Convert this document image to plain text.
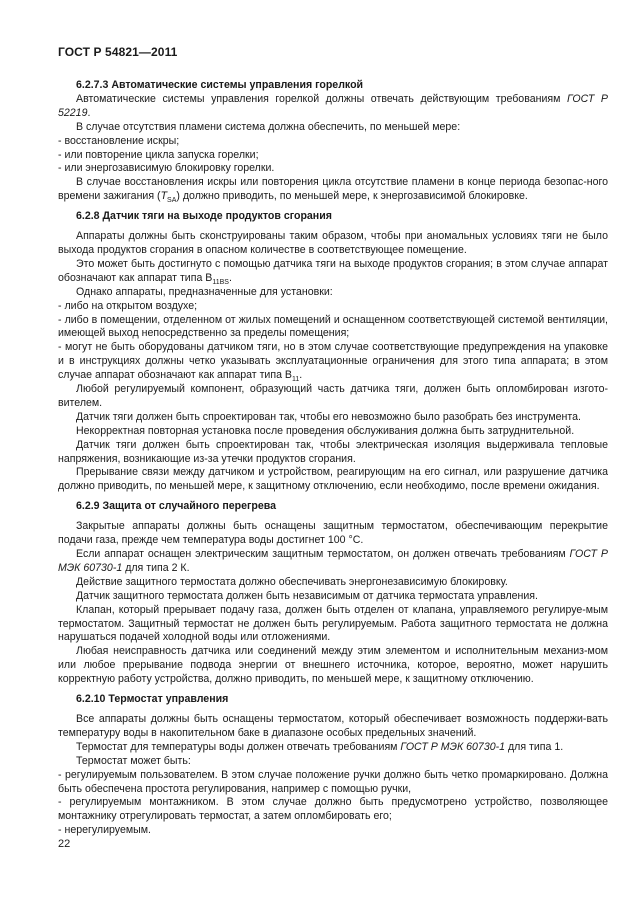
ГОСТ Р 54821—2011
6.2.7.3 Автоматические системы управления горелкой

Автоматические системы управления горелкой должны отвечать действующим требованиям ГОСТ Р 52219.

В случае отсутствия пламени система должна обеспечить, по меньшей мере:

- восстановление искры;

- или повторение цикла запуска горелки;

- или энергозависимую блокировку горелки.

В случае восстановления искры или повторения цикла отсутствие пламени в конце периода безопас-ного времени зажигания $(T_{SA})$ должно приводить, по меньшей мере, к энергозависимой блокировке.

6.2.8 Датчик тяги на выходе продуктов сгорания

Аппараты должны быть сконструированы таким образом, чтобы при аномальных условиях тяги не было выхода продуктов сгорания в опасном количестве в соответствующее помещение.

Это может быть достигнуто с помощью датчика тяги на выходе продуктов сгорания; в этом случае аппарат обозначают как аппарат типа $B_{11BS}$.

Однако аппараты, предназначенные для установки:

- либо на открытом воздухе;

- либо в помещении, отделенном от жилых помещений и оснащенном соответствующей системой вентиляции, имеющей выход непосредственно за пределы помещения;

- могут не быть оборудованы датчиком тяги, но в этом случае соответствующие предупреждения на упаковке и в инструкциях должны четко указывать эксплуатационные ограничения для этого типа аппарата; в этом случае аппарат обозначают как аппарат типа $B_{11}$.

Любой регулируемый компонент, образующий часть датчика тяги, должен быть опломбирован изгото-вителем.

Датчик тяги должен быть спроектирован так, чтобы его невозможно было разобрать без инструмента.

Некорректная повторная установка после проведения обслуживания должна быть затруднительной.

Датчик тяги должен быть спроектирован так, чтобы электрическая изоляция выдерживала тепловые напряжения, возникающие из-за утечки продуктов сгорания.

Прерывание связи между датчиком и устройством, реагирующим на его сигнал, или разрушение датчика должно приводить, по меньшей мере, к защитному отключению, если необходимо, после времени ожидания.

6.2.9 Защита от случайного перегрева

Закрытые аппараты должны быть оснащены защитным термостатом, обеспечивающим перекрытие подачи газа, прежде чем температура воды достигнет 100 °C.

Если аппарат оснащен электрическим защитным термостатом, он должен отвечать требованиям ГОСТ Р МЭК 60730-1 для типа 2 К.

Действие защитного термостата должно обеспечивать энергонезависимую блокировку.

Датчик защитного термостата должен быть независимым от датчика термостата управления.

Клапан, который прерывает подачу газа, должен быть отделен от клапана, управляемого регулируе-мым термостатом. Защитный термостат не должен быть регулируемым. Работа защитного термостата не должна нарушаться подачей холодной воды или отложениями.

Любая неисправность датчика или соединений между этим элементом и исполнительным механиз-мом или любое прерывание подвода энергии от внешнего источника, которое, вероятно, может нарушить корректную работу устройства, должно приводить, по меньшей мере, к защитному отключению.

6.2.10 Термостат управления

Все аппараты должны быть оснащены термостатом, который обеспечивает возможность поддержи-вать температуру воды в накопительном баке в диапазоне особых предельных значений.

Термостат для температуры воды должен отвечать требованиям ГОСТ Р МЭК 60730-1 для типа 1.

Термостат может быть:

- регулируемым пользователем. В этом случае положение ручки должно быть четко промаркировано. Должна быть обеспечена простота регулирования, например с помощью ручки,

- регулируемым монтажником. В этом случае должно быть предусмотрено устройство, позволяющее монтажнику отрегулировать термостат, а затем опломбировать его;

- нерегулируемым.

22
